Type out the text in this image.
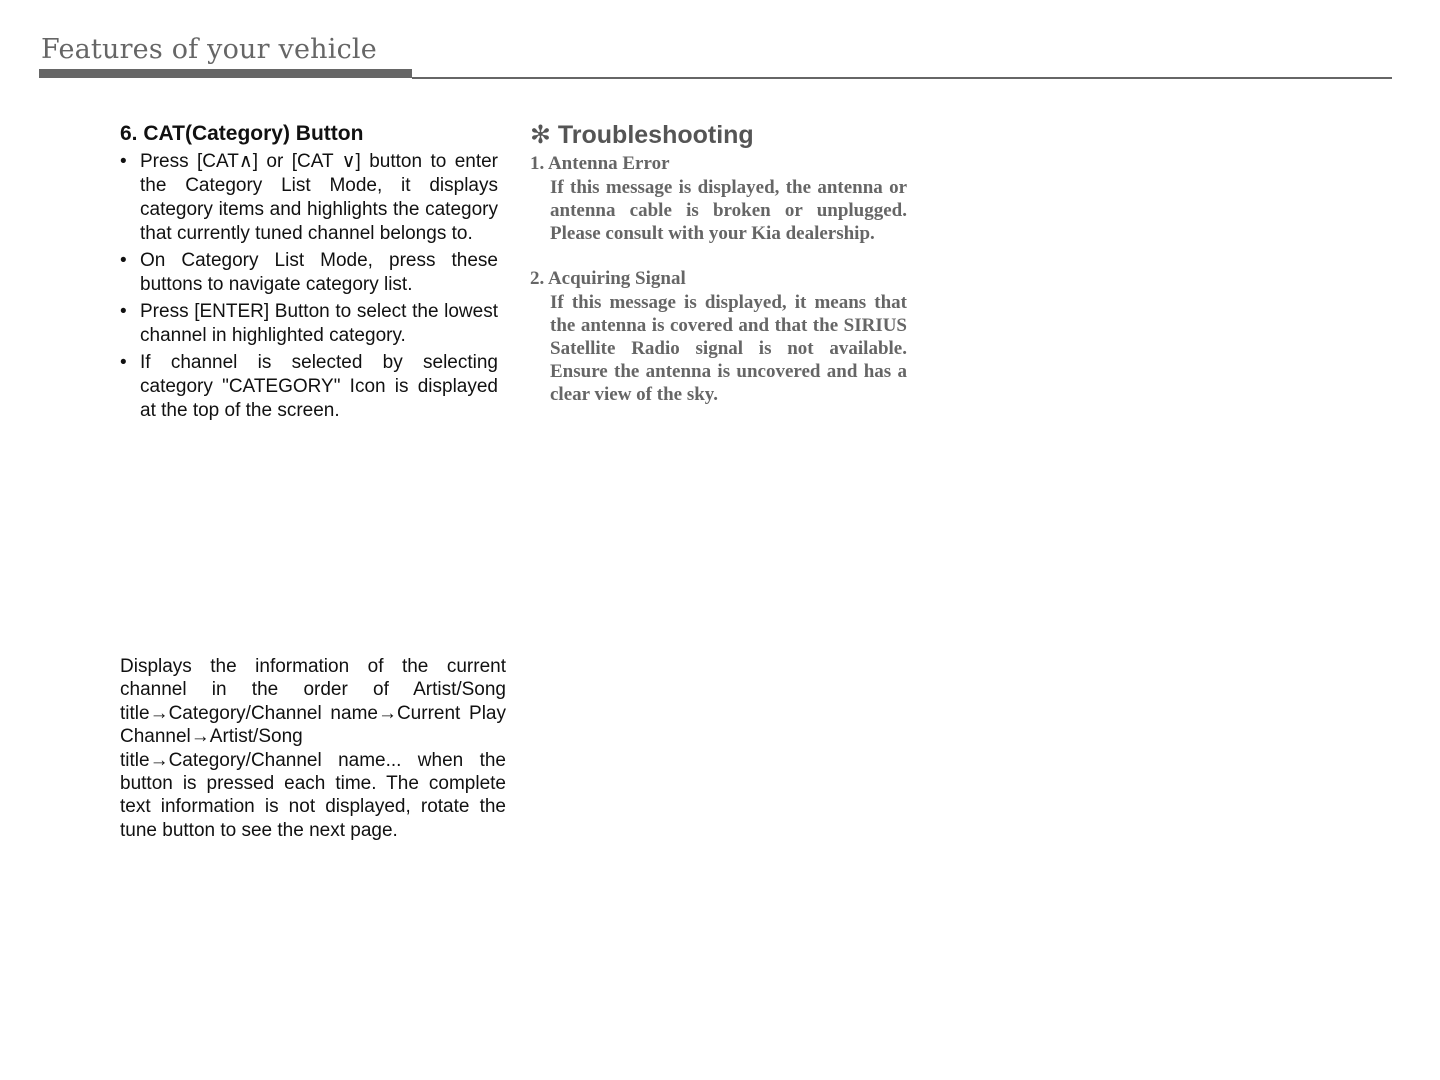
Features of your vehicle
6. CAT(Category) Button
• Press [CAT∧] or [CAT ∨] button to enter the Category List Mode, it displays category items and highlights the category that currently tuned channel belongs to.
• On Category List Mode, press these buttons to navigate category list.
• Press [ENTER] Button to select the lowest channel in highlighted category.
• If channel is selected by selecting category "CATEGORY" Icon is displayed at the top of the screen.

Displays the information of the current channel in the order of Artist/Song title→Category/Channel name→Current Play Channel→Artist/Song title→Category/Channel name... when the button is pressed each time. The complete text information is not displayed, rotate the tune button to see the next page.

✻ Troubleshooting

1. Antenna Error

If this message is displayed, the antenna or antenna cable is broken or unplugged. Please consult with your Kia dealership.

2. Acquiring Signal

If this message is displayed, it means that the antenna is covered and that the SIRIUS Satellite Radio signal is not available. Ensure the antenna is uncovered and has a clear view of the sky.
